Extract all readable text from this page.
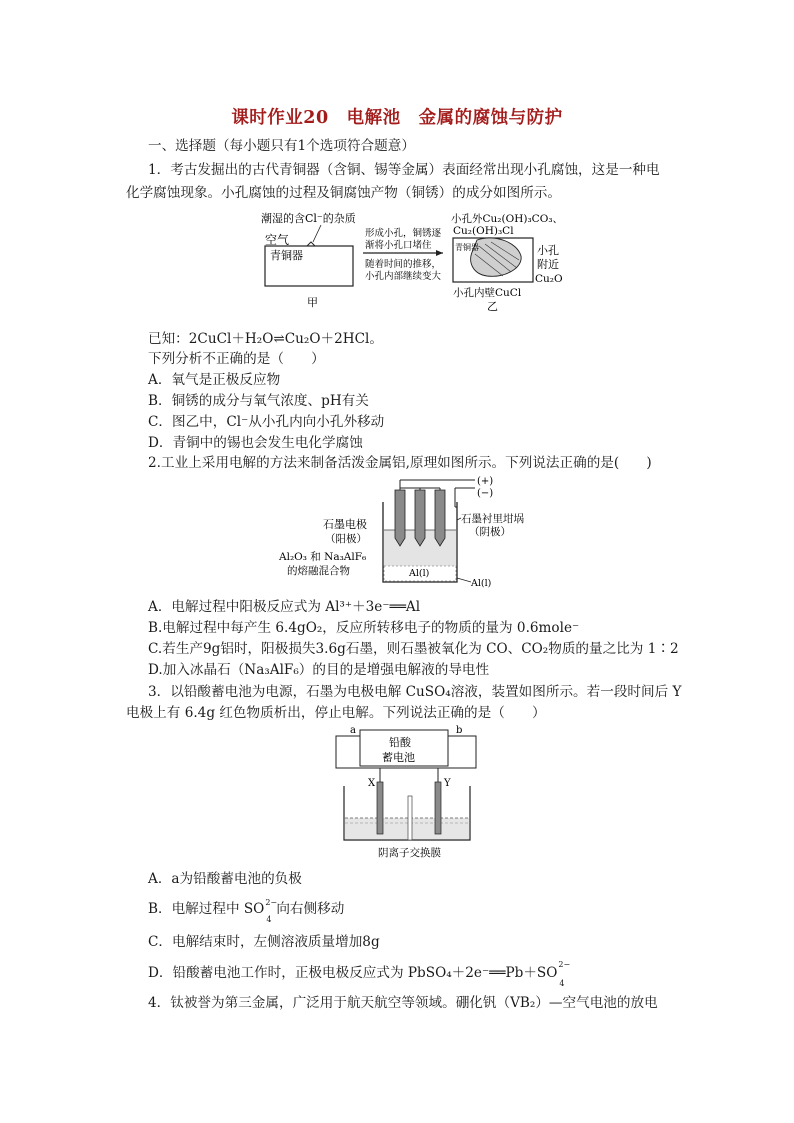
课时作业20　电解池　金属的腐蚀与防护
一、选择题（每小题只有1个选项符合题意）
1．考古发掘出的古代青铜器（含铜、锡等金属）表面经常出现小孔腐蚀，这是一种电
化学腐蚀现象。小孔腐蚀的过程及铜腐蚀产物（铜锈）的成分如图所示。
潮湿的含Cl⁻的杂质
空气
青铜器
甲
形成小孔，铜锈逐
渐将小孔口堵住
随着时间的推移，
小孔内部继续变大
小孔外Cu₂(OH)₃CO₃、
Cu₂(OH)₃Cl
青铜器	小孔
附近
Cu₂O
小孔内壁CuCl
乙
已知：2CuCl＋H₂O⇌Cu₂O＋2HCl。
下列分析不正确的是（　　）
A．氧气是正极反应物
B．铜锈的成分与氧气浓度、pH有关
C．图乙中，Cl⁻从小孔内向小孔外移动
D．青铜中的锡也会发生电化学腐蚀
2.工业上采用电解的方法来制备活泼金属铝,原理如图所示。下列说法正确的是(　　)
(+)
(−)
Al(l)
石墨电极
（阳极）
Al₂O₃ 和 Na₃AlF₆
的熔融混合物
石墨衬里坩埚
（阴极）
Al(l)
A．电解过程中阳极反应式为 Al³⁺＋3e⁻══Al
B.电解过程中每产生 6.4gO₂，反应所转移电子的物质的量为 0.6mole⁻
C.若生产9g铝时，阳极损失3.6g石墨，则石墨被氧化为 CO、CO₂物质的量之比为 1∶2
D.加入冰晶石（Na₃AlF₆）的目的是增强电解液的导电性
3．以铅酸蓄电池为电源，石墨为电极电解 CuSO₄溶液，装置如图所示。若一段时间后 Y
电极上有 6.4g 红色物质析出，停止电解。下列说法正确的是（　　）
a	b
铅酸
蓄电池
X	Y
阴离子交换膜
A．a为铅酸蓄电池的负极
B．电解过程中 SO 2−
4
向右侧移动
C．电解结束时，左侧溶液质量增加8g
D．铅酸蓄电池工作时，正极电极反应式为 PbSO₄＋2e⁻══Pb＋SO
2−
4
4．钛被誉为第三金属，广泛用于航天航空等领域。硼化钒（VB₂）—空气电池的放电
